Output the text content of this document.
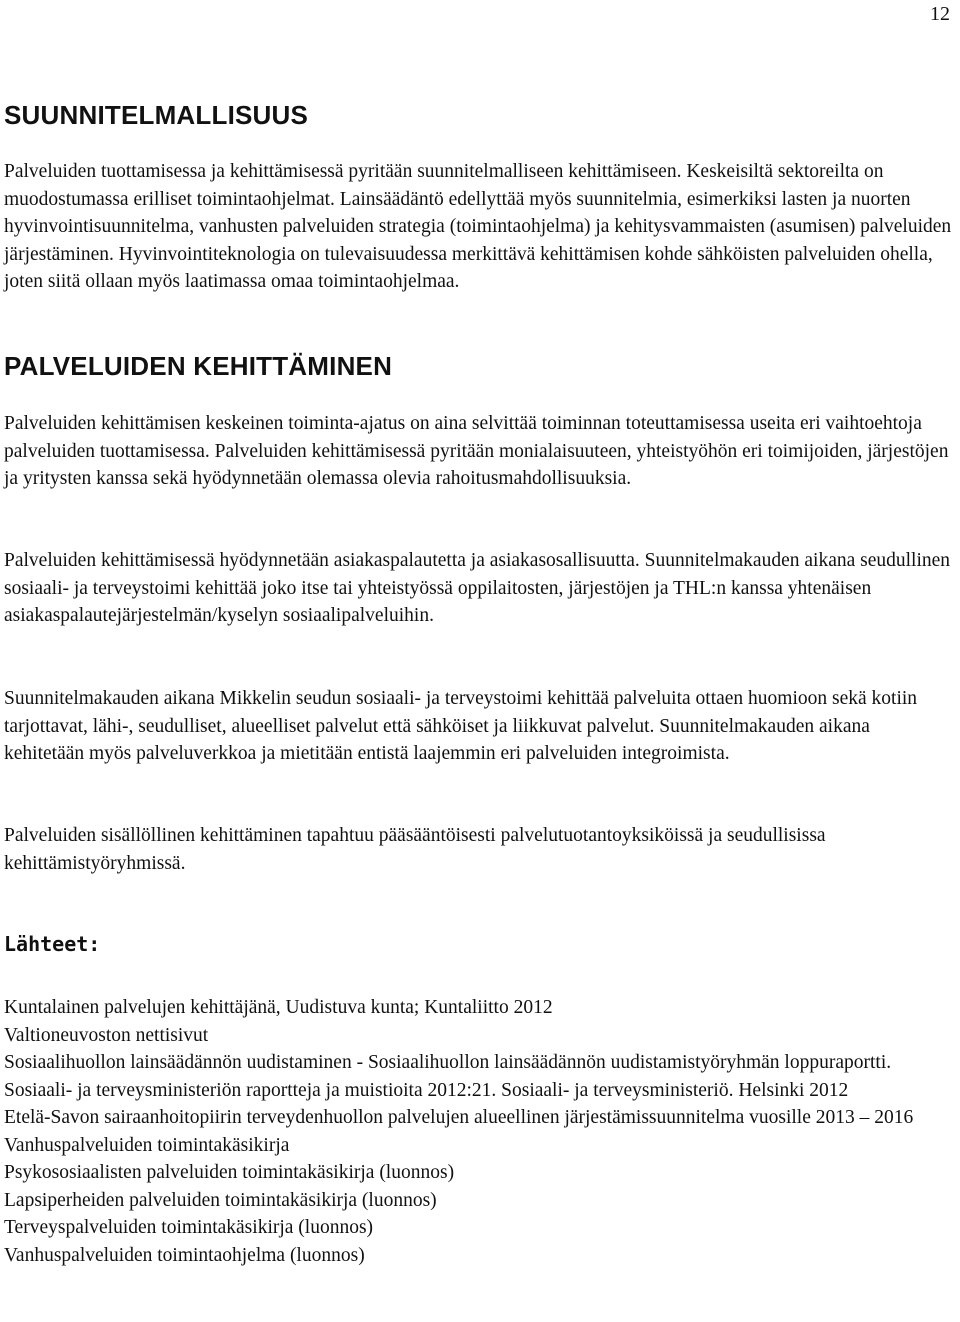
12
SUUNNITELMALLISUUS

Palveluiden tuottamisessa ja kehittämisessä pyritään suunnitelmalliseen kehittämiseen. Keskeisiltä sektoreilta on muodostumassa erilliset toimintaohjelmat. Lainsäädäntö edellyttää myös suunnitelmia, esimerkiksi lasten ja nuorten hyvinvointisuunnitelma, vanhusten palveluiden strategia (toimintaohjelma) ja kehitysvammaisten (asumisen) palveluiden järjestäminen. Hyvinvointiteknologia on tulevaisuudessa merkittävä kehittämisen kohde sähköisten palveluiden ohella, joten siitä ollaan myös laatimassa omaa toimintaohjelmaa.

PALVELUIDEN KEHITTÄMINEN

Palveluiden kehittämisen keskeinen toiminta-ajatus on aina selvittää toiminnan toteuttamisessa useita eri vaihtoehtoja palveluiden tuottamisessa. Palveluiden kehittämisessä pyritään monialaisuuteen, yhteistyöhön eri toimijoiden, järjestöjen ja yritysten kanssa sekä hyödynnetään olemassa olevia rahoitusmahdollisuuksia.

Palveluiden kehittämisessä hyödynnetään asiakaspalautetta ja asiakasosallisuutta. Suunnitelmakauden aikana seudullinen sosiaali- ja terveystoimi kehittää joko itse tai yhteistyössä oppilaitosten, järjestöjen ja THL:n kanssa yhtenäisen asiakaspalautejärjestelmän/kyselyn sosiaalipalveluihin.

Suunnitelmakauden aikana Mikkelin seudun sosiaali- ja terveystoimi kehittää palveluita ottaen huomioon sekä kotiin tarjottavat, lähi-, seudulliset, alueelliset palvelut että sähköiset ja liikkuvat palvelut. Suunnitelmakauden aikana kehitetään myös palveluverkkoa ja mietitään entistä laajemmin eri palveluiden integroimista.

Palveluiden sisällöllinen kehittäminen tapahtuu pääsääntöisesti palvelutuotantoyksiköissä ja seudullisissa kehittämistyöryhmissä.

Lähteet:
Kuntalainen palvelujen kehittäjänä, Uudistuva kunta; Kuntaliitto 2012
Valtioneuvoston nettisivut
Sosiaalihuollon lainsäädännön uudistaminen - Sosiaalihuollon lainsäädännön uudistamistyöryhmän loppuraportti. Sosiaali- ja terveysministeriön raportteja ja muistioita 2012:21. Sosiaali- ja terveysministeriö. Helsinki 2012
Etelä-Savon sairaanhoitopiirin terveydenhuollon palvelujen alueellinen järjestämissuunnitelma vuosille 2013 – 2016
Vanhuspalveluiden toimintakäsikirja
Psykososiaalisten palveluiden toimintakäsikirja (luonnos)
Lapsiperheiden palveluiden toimintakäsikirja (luonnos)
Terveyspalveluiden toimintakäsikirja (luonnos)
Vanhuspalveluiden toimintaohjelma (luonnos)
